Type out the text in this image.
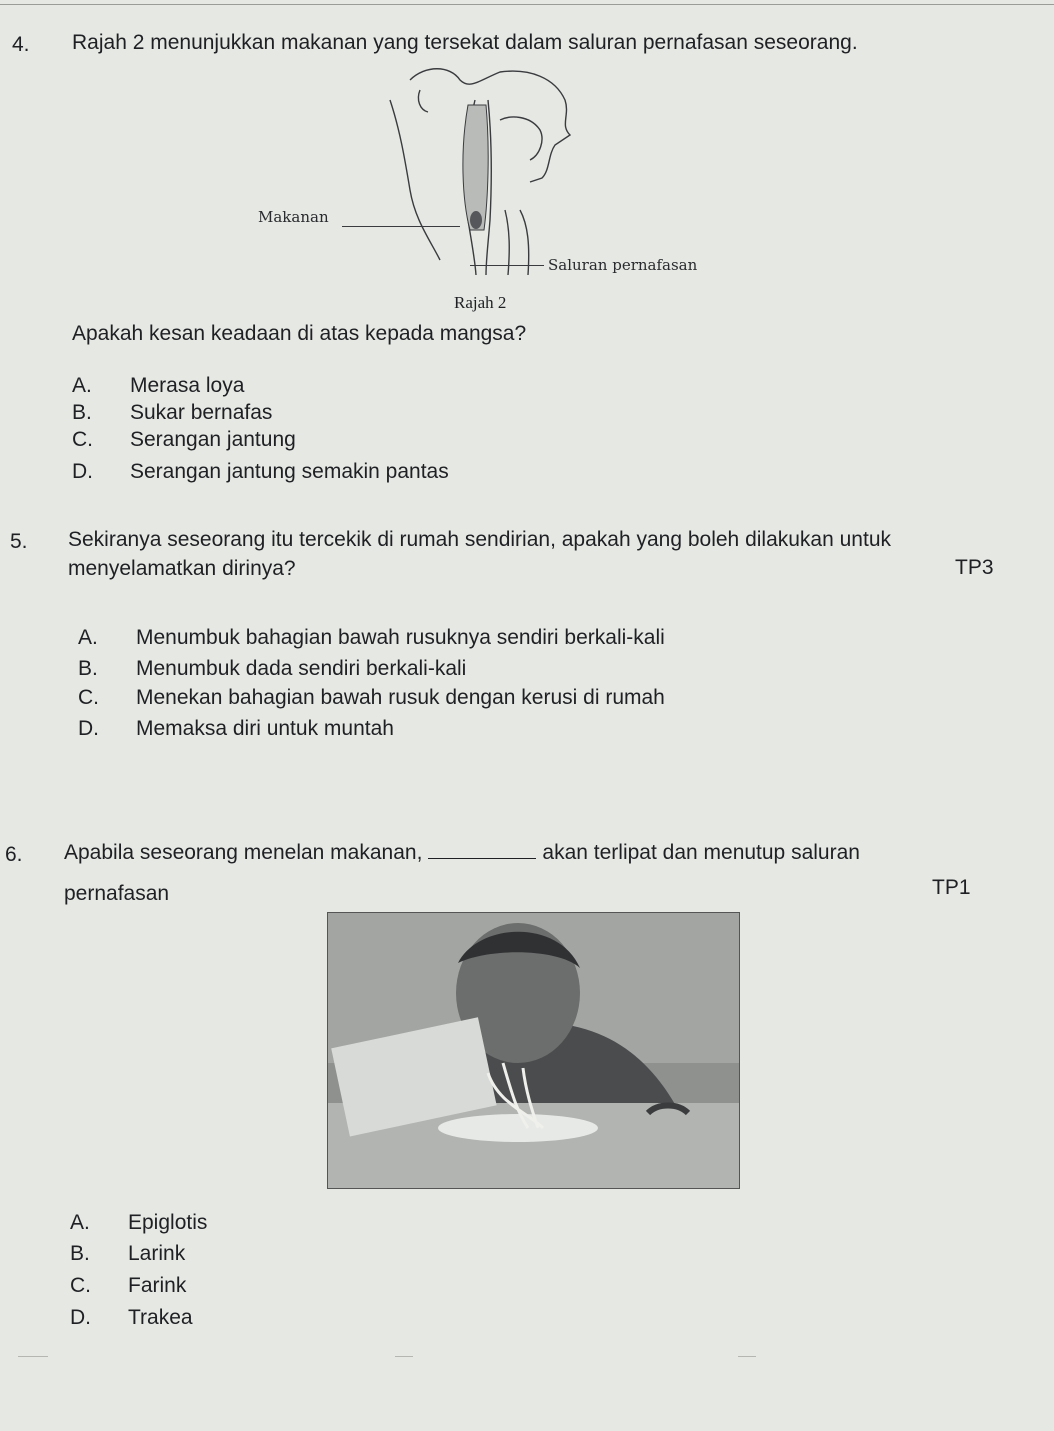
4. Rajah 2 menunjukkan makanan yang tersekat dalam saluran pernafasan seseorang.
Makanan
Saluran pernafasan
Rajah 2
Apakah kesan keadaan di atas kepada mangsa?
A. Merasa loya
B. Sukar bernafas
C. Serangan jantung
D. Serangan jantung semakin pantas
5. Sekiranya seseorang itu tercekik di rumah sendirian, apakah yang boleh dilakukan untuk
menyelamatkan dirinya?	TP3
A. Menumbuk bahagian bawah rusuknya sendiri berkali-kali
B. Menumbuk dada sendiri berkali-kali
C. Menekan bahagian bawah rusuk dengan kerusi di rumah
D. Memaksa diri untuk muntah
6. Apabila seseorang menelan makanan,	akan terlipat dan menutup saluran
pernafasan	TP1
A. Epiglotis
B. Larink
C. Farink
D. Trakea
